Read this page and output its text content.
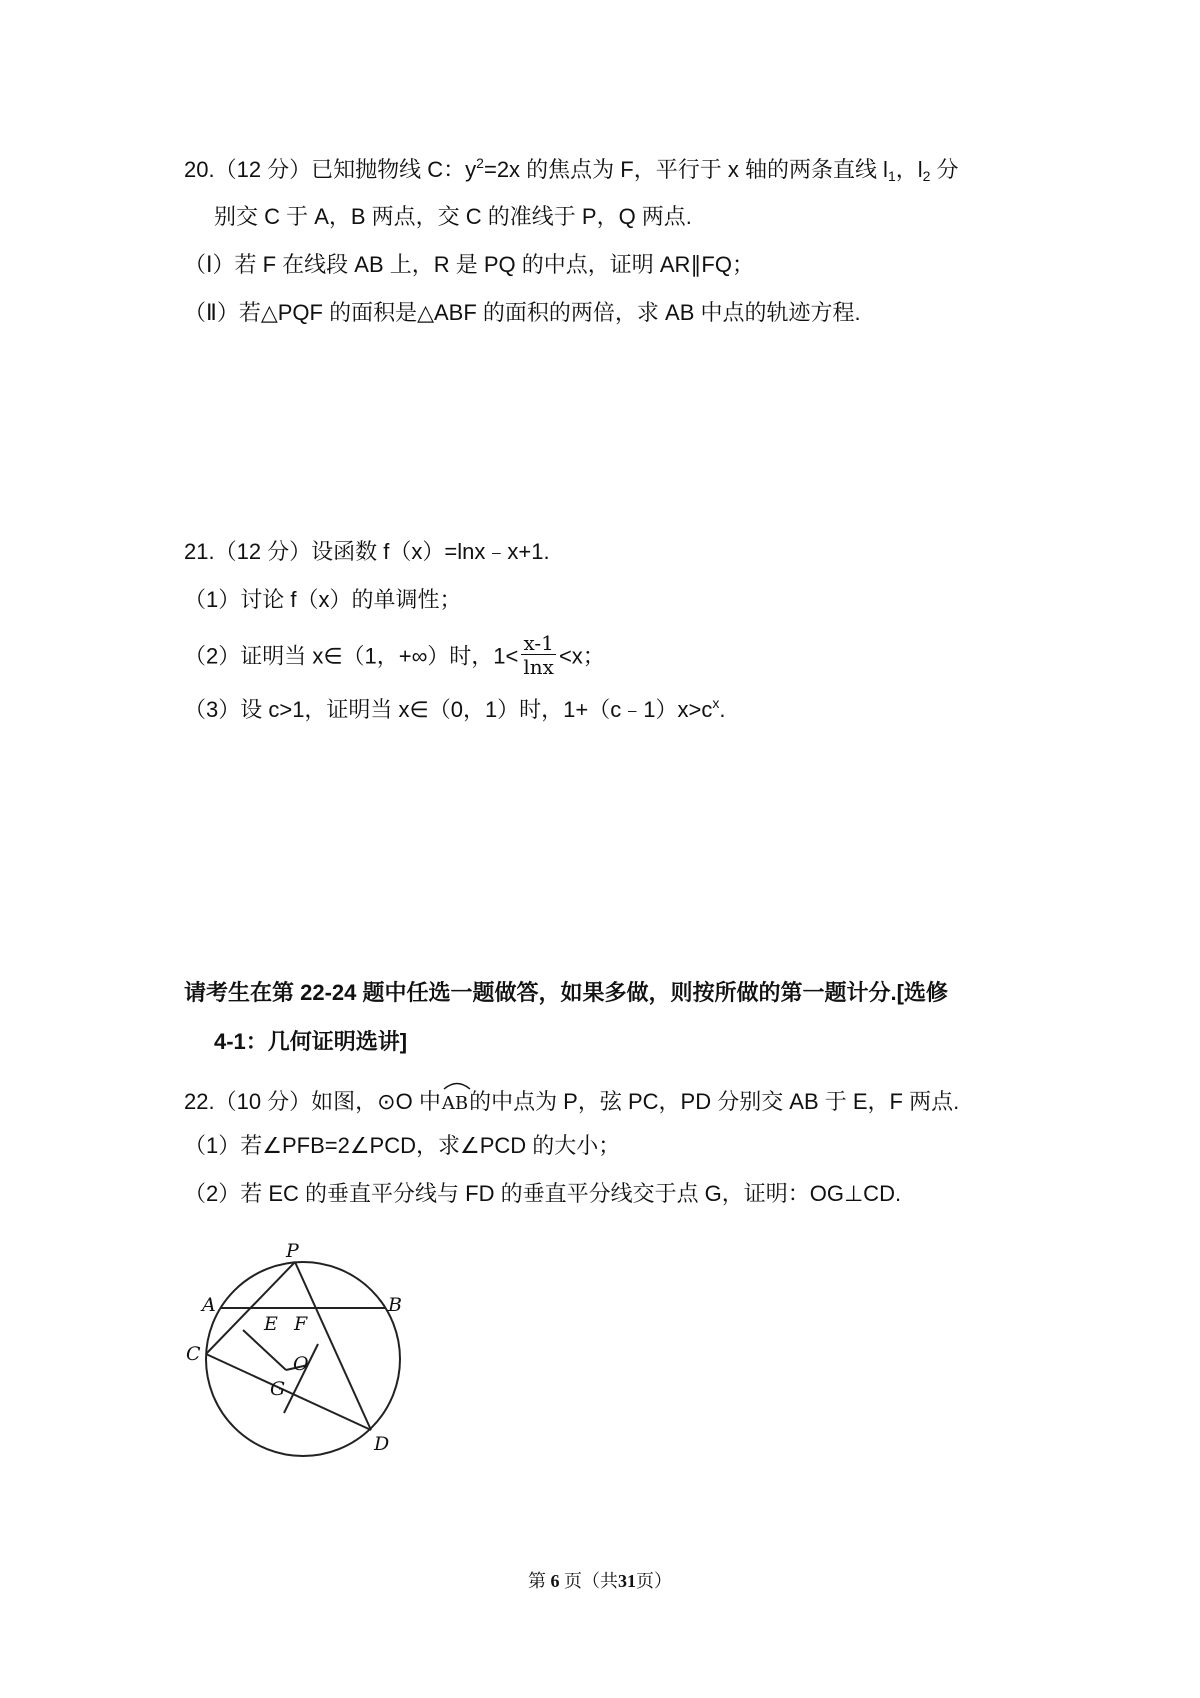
20.（12 分）已知抛物线 C：$y^2=2x$ 的焦点为 F，平行于 x 轴的两条直线 $l_1$，$l_2$ 分
别交 C 于 A，B 两点，交 C 的准线于 P，Q 两点.
（Ⅰ）若 F 在线段 AB 上，R 是 PQ 的中点，证明 AR∥FQ；
（Ⅱ）若△PQF 的面积是△ABF 的面积的两倍，求 AB 中点的轨迹方程.
21.（12 分）设函数 f（x）=lnx﹣x+1.
（1）讨论 f（x）的单调性；
（2）证明当 x∈（1，+∞）时，$1< \frac{x-1}{\ln x} <x$；
（3）设 c>1，证明当 x∈（0，1）时，$1+(c﹣1)x>c^x$.
请考生在第 22-24 题中任选一题做答，如果多做，则按所做的第一题计分.[选修
4-1：几何证明选讲]
22.（10 分）如图，⊙O 中
AB的中点为 P，弦 PC，PD 分别交 AB 于 E，F 两点.
（1）若∠PFB=2∠PCD，求∠PCD 的大小；
（2）若 EC 的垂直平分线与 FD 的垂直平分线交于点 G，证明：OG⊥CD.
P
A	B
E F
C	O
G
D
第 6 页（共31页）
